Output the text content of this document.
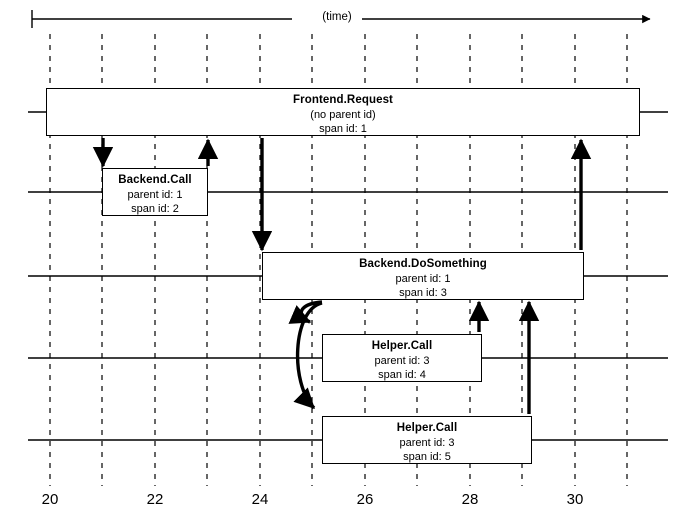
(time)
Frontend.Request
(no parent id)
span id: 1
Backend.Call
parent id: 1
span id: 2
Backend.DoSomething
parent id: 1
span id: 3
Helper.Call
parent id: 3
span id: 4
Helper.Call
parent id: 3
span id: 5
20	22	24	26	28	30
